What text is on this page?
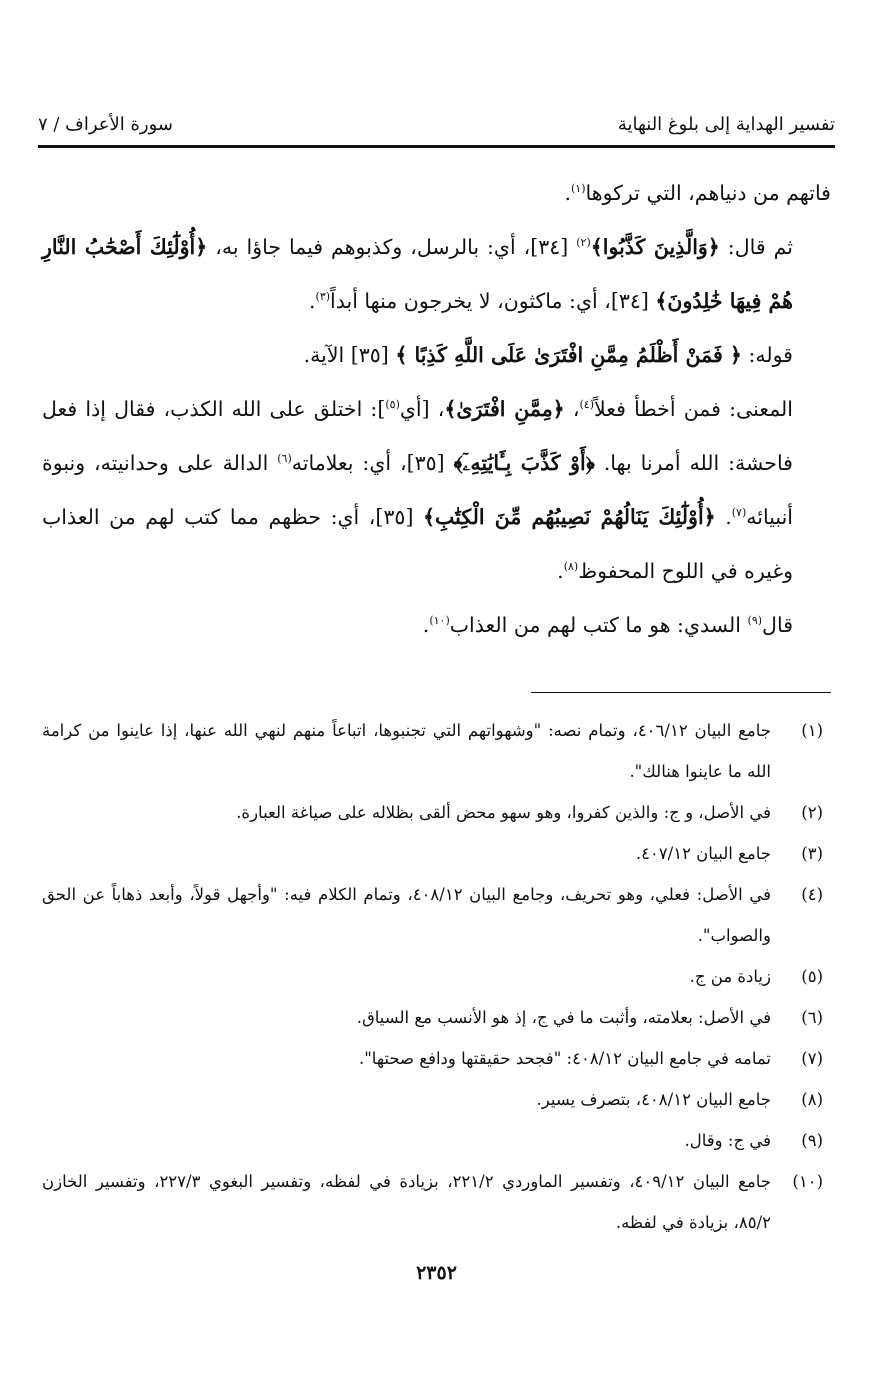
تفسير الهداية إلى بلوغ النهاية
سورة الأعراف / ٧

فاتهم من دنياهم، التي تركوها$^{(١)}$.

ثم قال: ﴿وَالَّذِينَ كَذَّبُوا﴾$^{(٢)}$ [٣٤]، أي: بالرسل، وكذبوهم فيما جاؤا به، ﴿أُوْلَٰٓئِكَ أَصْحَٰبُ النَّارِ هُمْ فِيهَا خَٰلِدُونَ﴾ [٣٤]، أي: ماكثون، لا يخرجون منها أبداً$^{(٣)}$.

قوله: ﴿ فَمَنْ أَظْلَمُ مِمَّنِ افْتَرَىٰ عَلَى اللَّهِ كَذِبًا ﴾ [٣٥] الآية.

المعنى: فمن أخطأ فعلاً$^{(٤)}$، ﴿مِمَّنِ افْتَرَىٰ﴾، [أي$^{(٥)}$]: اختلق على الله الكذب، فقال إذا فعل فاحشة: الله أمرنا بها. ﴿أَوْ كَذَّبَ بِـَٔايَٰتِهِۦٓ﴾ [٣٥]، أي: بعلاماته$^{(٦)}$ الدالة على وحدانيته، ونبوة أنبيائه$^{(٧)}$. ﴿أُوْلَٰٓئِكَ يَنَالُهُمْ نَصِيبُهُم مِّنَ الْكِتَٰبِ﴾ [٣٥]، أي: حظهم مما كتب لهم من العذاب وغيره في اللوح المحفوظ$^{(٨)}$.

قال$^{(٩)}$ السدي: هو ما كتب لهم من العذاب$^{(١٠)}$.

(١)
جامع البيان ٤٠٦/١٢، وتمام نصه: "وشهواتهم التي تجنبوها، اتباعاً منهم لنهي الله عنها، إذا عاينوا من كرامة الله ما عاينوا هنالك".
(٢)
في الأصل، و ج: والذين كفروا، وهو سهو محض ألقى بظلاله على صياغة العبارة.
(٣)
جامع البيان ٤٠٧/١٢.
(٤)
في الأصل: فعلي، وهو تحريف، وجامع البيان ٤٠٨/١٢، وتمام الكلام فيه: "وأجهل قولاً، وأبعد ذهاباً عن الحق والصواب".
(٥)
زيادة من ج.
(٦)
في الأصل: بعلامته، وأثبت ما في ج، إذ هو الأنسب مع السياق.
(٧)
تمامه في جامع البيان ٤٠٨/١٢: "فجحد حقيقتها ودافع صحتها".
(٨)
جامع البيان ٤٠٨/١٢، بتصرف يسير.
(٩)
في ج: وقال.
(١٠)
جامع البيان ٤٠٩/١٢، وتفسير الماوردي ٢٢١/٢، بزيادة في لفظه، وتفسير البغوي ٢٢٧/٣، وتفسير الخازن ٨٥/٢، بزيادة في لفظه.
٢٣٥٢
